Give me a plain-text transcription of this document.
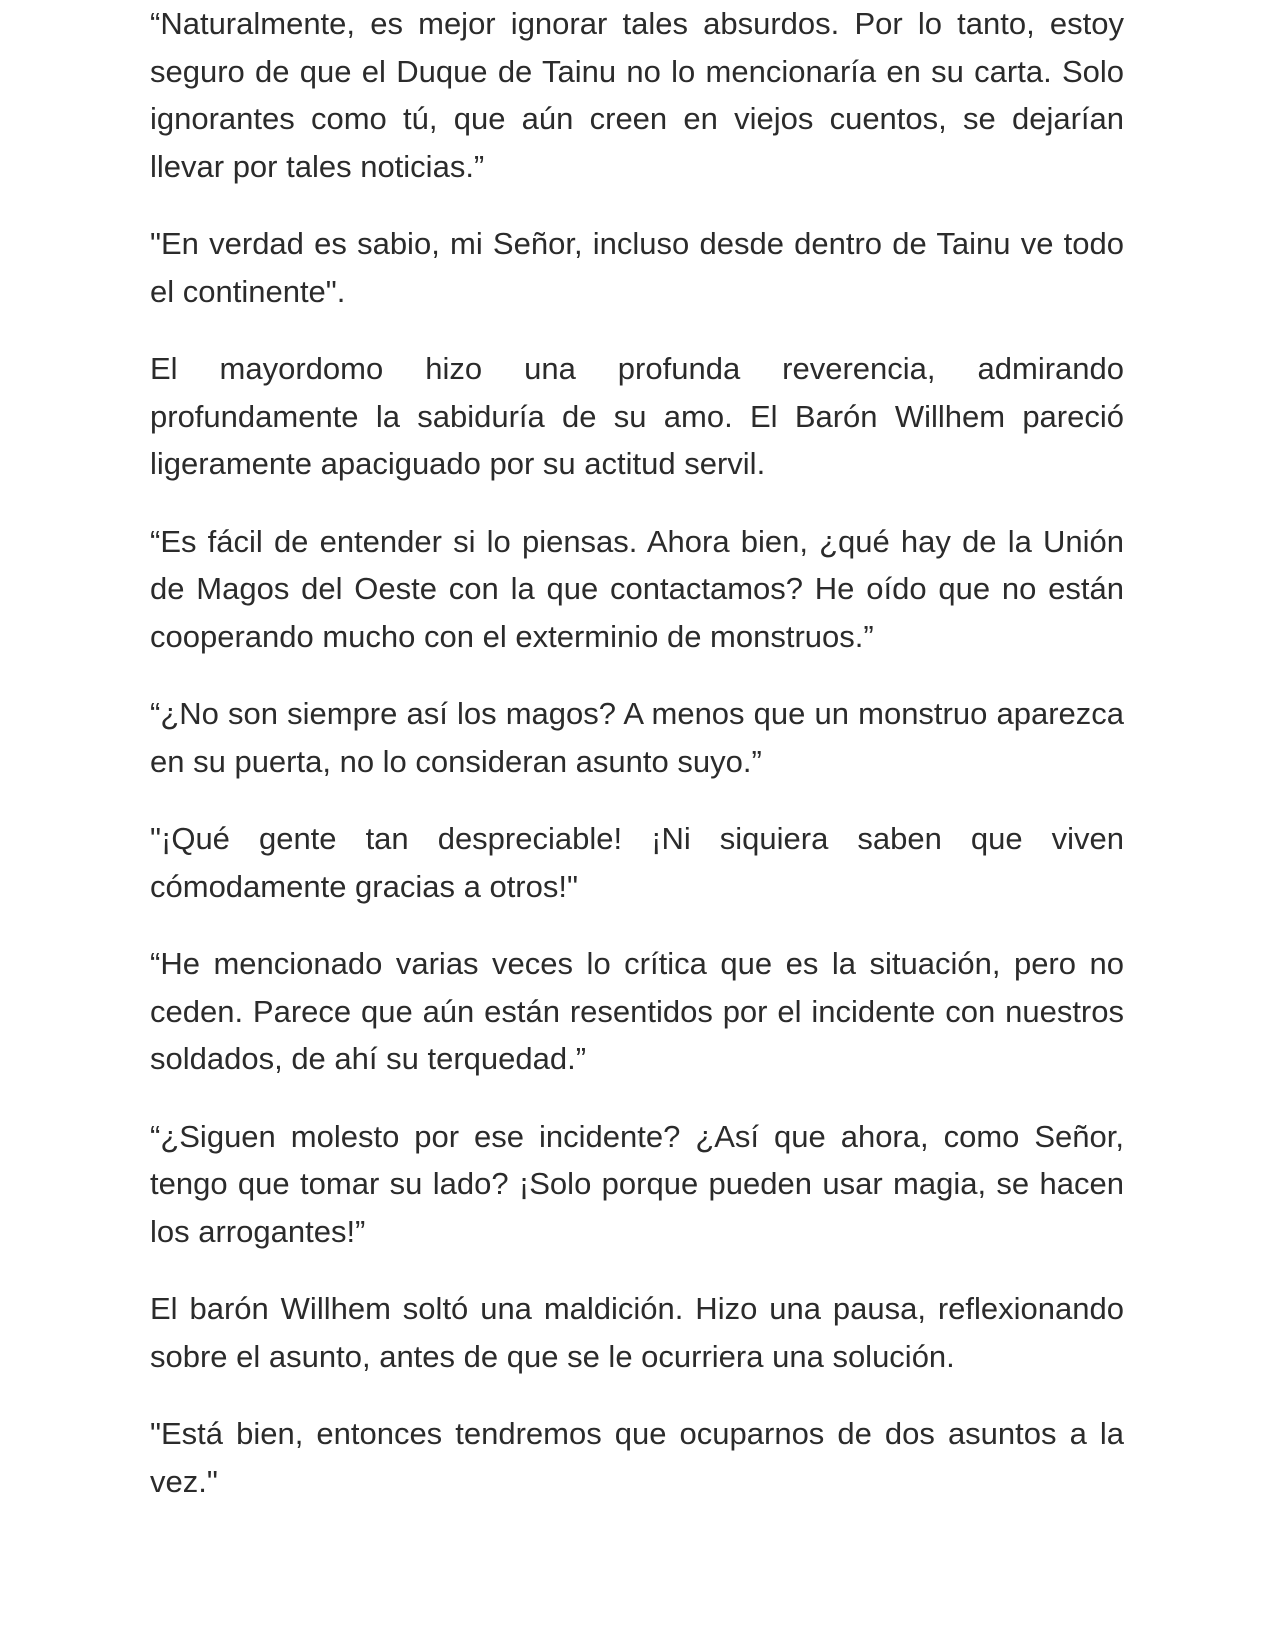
“Naturalmente, es mejor ignorar tales absurdos. Por lo tanto, estoy seguro de que el Duque de Tainu no lo mencionaría en su carta. Solo ignorantes como tú, que aún creen en viejos cuentos, se dejarían llevar por tales noticias.”

"En verdad es sabio, mi Señor, incluso desde dentro de Tainu ve todo el continente".

El mayordomo hizo una profunda reverencia, admirando profundamente la sabiduría de su amo. El Barón Willhem pareció ligeramente apaciguado por su actitud servil.

“Es fácil de entender si lo piensas. Ahora bien, ¿qué hay de la Unión de Magos del Oeste con la que contactamos? He oído que no están cooperando mucho con el exterminio de monstruos.”

“¿No son siempre así los magos? A menos que un monstruo aparezca en su puerta, no lo consideran asunto suyo.”

"¡Qué gente tan despreciable! ¡Ni siquiera saben que viven cómodamente gracias a otros!"

“He mencionado varias veces lo crítica que es la situación, pero no ceden. Parece que aún están resentidos por el incidente con nuestros soldados, de ahí su terquedad.”

“¿Siguen molesto por ese incidente? ¿Así que ahora, como Señor, tengo que tomar su lado? ¡Solo porque pueden usar magia, se hacen los arrogantes!”

El barón Willhem soltó una maldición. Hizo una pausa, reflexionando sobre el asunto, antes de que se le ocurriera una solución.

"Está bien, entonces tendremos que ocuparnos de dos asuntos a la vez."
